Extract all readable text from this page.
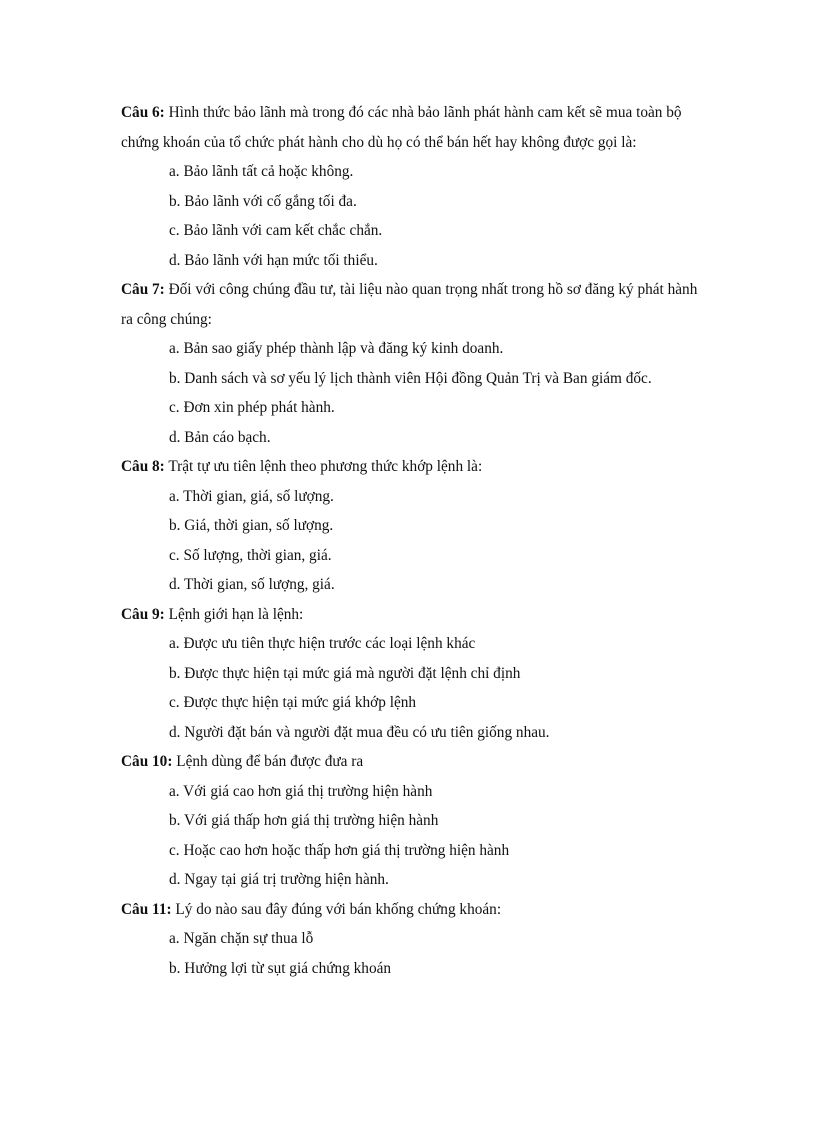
Câu 6: Hình thức bảo lãnh mà trong đó các nhà bảo lãnh phát hành cam kết sẽ mua toàn bộ chứng khoán của tổ chức phát hành cho dù họ có thể bán hết hay không được gọi là:

a. Bảo lãnh tất cả hoặc không.

b. Bảo lãnh với cố gắng tối đa.

c. Bảo lãnh với cam kết chắc chắn.

d. Bảo lãnh với hạn mức tối thiểu.

Câu 7: Đối với công chúng đầu tư, tài liệu nào quan trọng nhất trong hồ sơ đăng ký phát hành ra công chúng:

a. Bản sao giấy phép thành lập và đăng ký kinh doanh.

b. Danh sách và sơ yếu lý lịch thành viên Hội đồng Quản Trị và Ban giám đốc.

c. Đơn xin phép phát hành.

d. Bản cáo bạch.

Câu 8: Trật tự ưu tiên lệnh theo phương thức khớp lệnh là:

a. Thời gian, giá, số lượng.

b. Giá, thời gian, số lượng.

c. Số lượng, thời gian, giá.

d. Thời gian, số lượng, giá.

Câu 9: Lệnh giới hạn là lệnh:

a. Được ưu tiên thực hiện trước các loại lệnh khác

b. Được thực hiện tại mức giá mà người đặt lệnh chỉ định

c. Được thực hiện tại mức giá khớp lệnh

d. Người đặt bán và người đặt mua đều có ưu tiên giống nhau.

Câu 10: Lệnh dùng để bán được đưa ra

a. Với giá cao hơn giá thị trường hiện hành

b. Với giá thấp hơn giá thị trường hiện hành

c. Hoặc cao hơn hoặc thấp hơn giá thị trường hiện hành

d. Ngay tại giá trị trường hiện hành.

Câu 11: Lý do nào sau đây đúng với bán khống chứng khoán:

a. Ngăn chặn sự thua lỗ

b. Hưởng lợi từ sụt giá chứng khoán
